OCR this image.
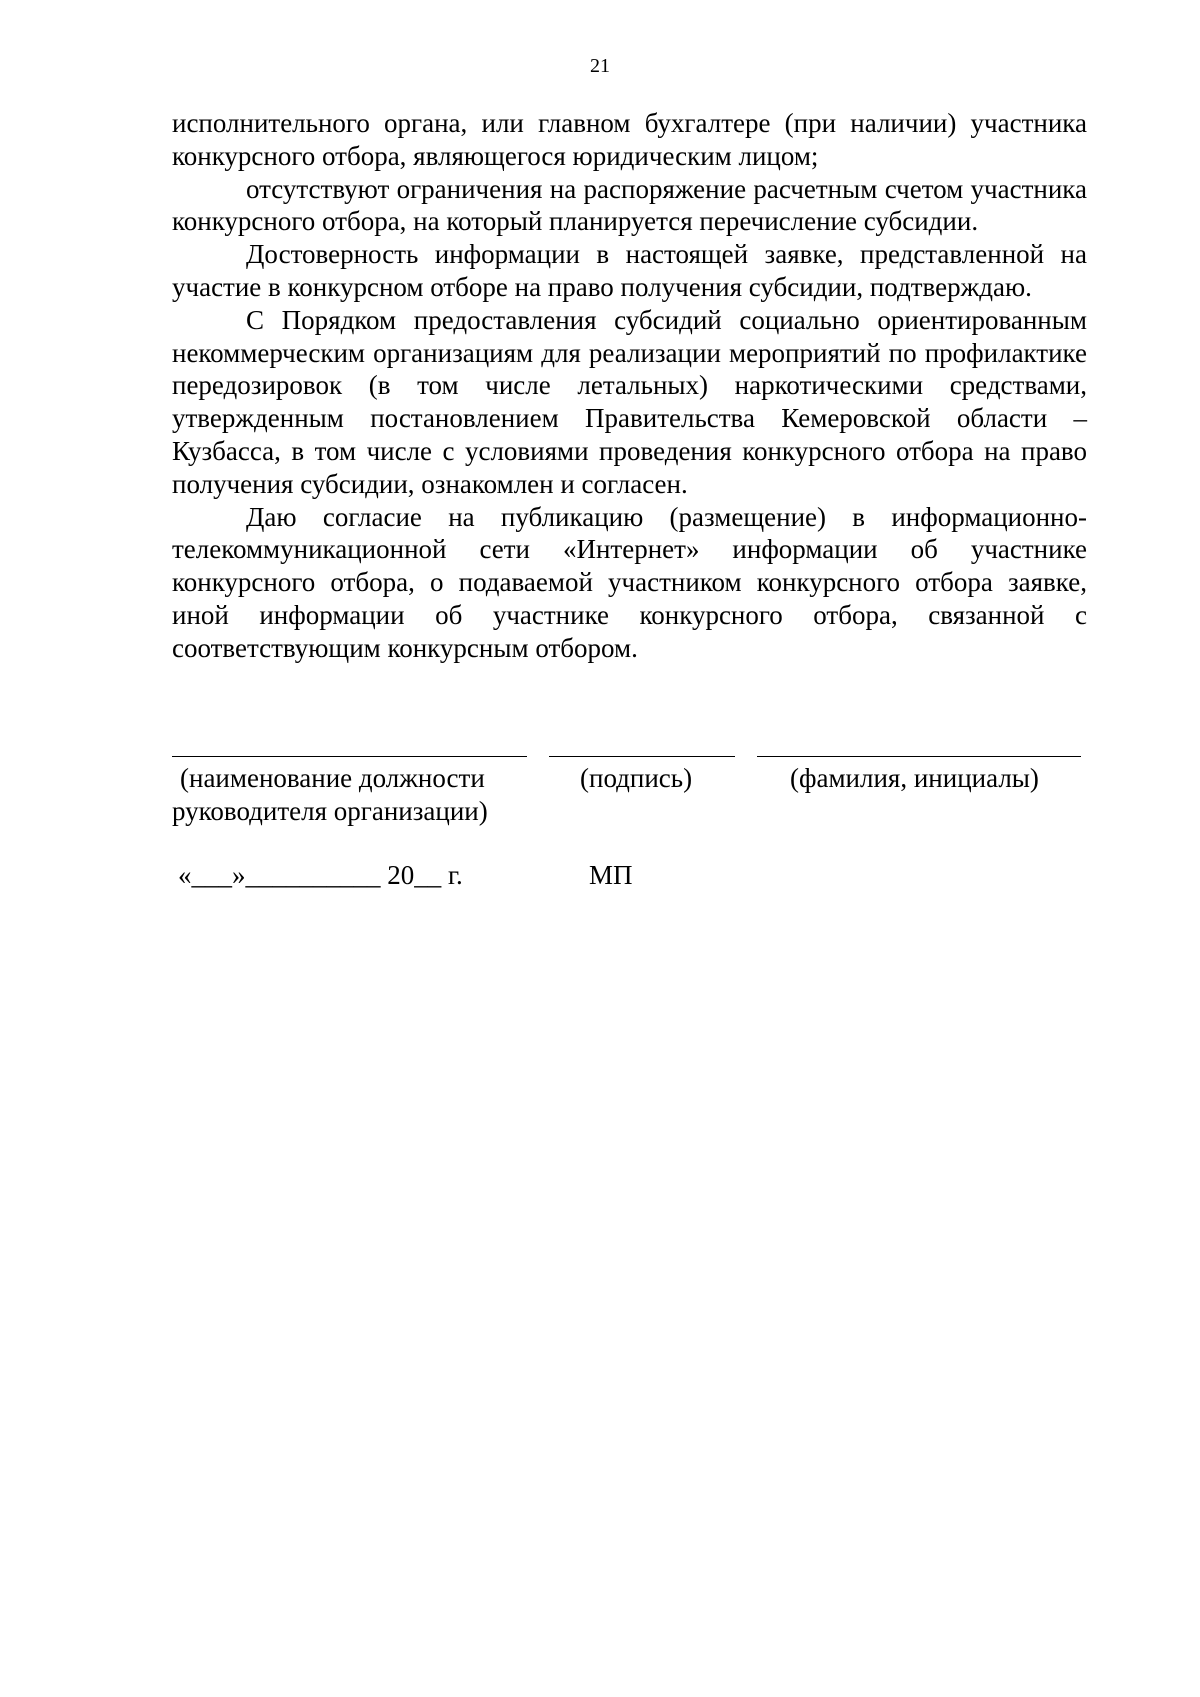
21

исполнительного органа, или главном бухгалтере (при наличии) участника конкурсного отбора, являющегося юридическим лицом;

отсутствуют ограничения на распоряжение расчетным счетом участника конкурсного отбора, на который планируется перечисление субсидии.

Достоверность информации в настоящей заявке, представленной на участие в конкурсном отборе на право получения субсидии, подтверждаю.

С Порядком предоставления субсидий социально ориентированным некоммерческим организациям для реализации мероприятий по профилактике передозировок (в том числе летальных) наркотическими средствами, утвержденным постановлением Правительства Кемеровской области – Кузбасса, в том числе с условиями проведения конкурсного отбора на право получения субсидии, ознакомлен и согласен.

Даю согласие на публикацию (размещение) в информационно-телекоммуникационной сети «Интернет» информации об участнике конкурсного отбора, о подаваемой участником конкурсного отбора заявке, иной информации об участнике конкурсного отбора, связанной с соответствующим конкурсным отбором.

(наименование должности
руководителя организации)
(подпись)	(фамилия, инициалы)
«___»__________ 20__ г.	МП
